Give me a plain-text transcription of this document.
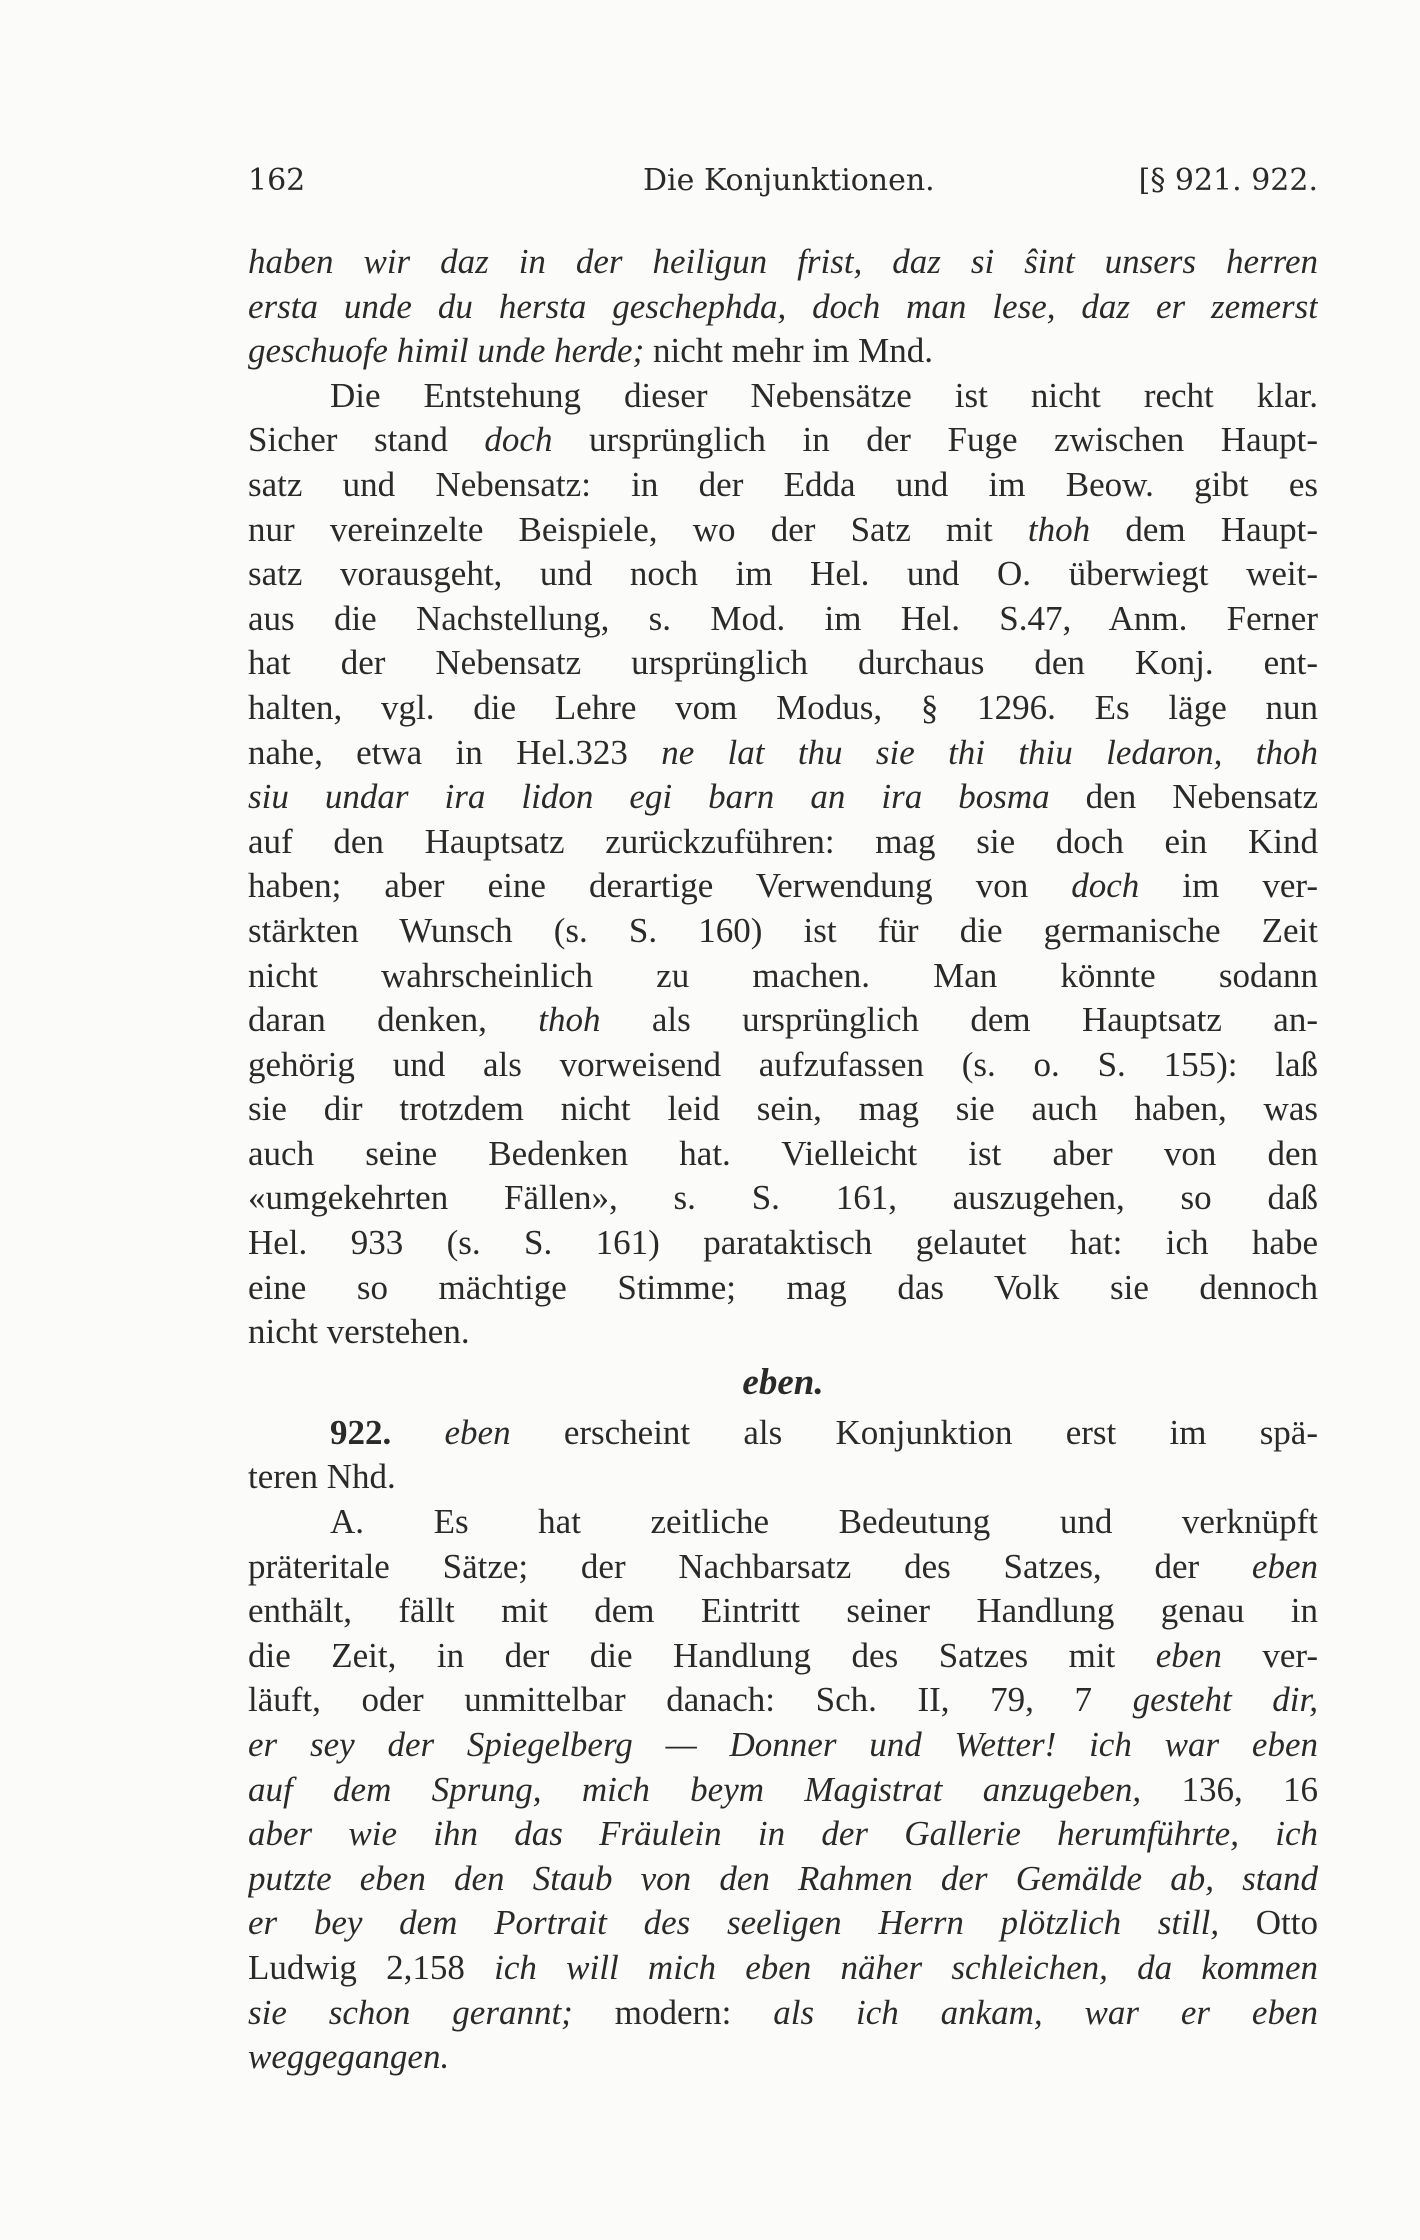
162	Die Konjunktionen.	[§ 921. 922.
haben wir daz in der heiligun frist, daz si ŝint unsers herren
ersta unde du hersta geschephda, doch man lese, daz er zemerst
geschuofe himil unde herde; nicht mehr im Mnd.
Die Entstehung dieser Nebensätze ist nicht recht klar.
Sicher stand doch ursprünglich in der Fuge zwischen Haupt-
satz und Nebensatz: in der Edda und im Beow. gibt es
nur vereinzelte Beispiele, wo der Satz mit thoh dem Haupt-
satz vorausgeht, und noch im Hel. und O. überwiegt weit-
aus die Nachstellung, s. Mod. im Hel. S.47, Anm. Ferner
hat der Nebensatz ursprünglich durchaus den Konj. ent-
halten, vgl. die Lehre vom Modus, § 1296. Es läge nun
nahe, etwa in Hel.323 ne lat thu sie thi thiu ledaron, thoh
siu undar ira lidon egi barn an ira bosma den Nebensatz
auf den Hauptsatz zurückzuführen: mag sie doch ein Kind
haben; aber eine derartige Verwendung von doch im ver-
stärkten Wunsch (s. S. 160) ist für die germanische Zeit
nicht wahrscheinlich zu machen. Man könnte sodann
daran denken, thoh als ursprünglich dem Hauptsatz an-
gehörig und als vorweisend aufzufassen (s. o. S. 155): laß
sie dir trotzdem nicht leid sein, mag sie auch haben, was
auch seine Bedenken hat. Vielleicht ist aber von den
«umgekehrten Fällen», s. S. 161, auszugehen, so daß
Hel. 933 (s. S. 161) parataktisch gelautet hat: ich habe
eine so mächtige Stimme; mag das Volk sie dennoch
nicht verstehen.
eben.
922. eben erscheint als Konjunktion erst im spä-
teren Nhd.
A. Es hat zeitliche Bedeutung und verknüpft
präteritale Sätze; der Nachbarsatz des Satzes, der eben
enthält, fällt mit dem Eintritt seiner Handlung genau in
die Zeit, in der die Handlung des Satzes mit eben ver-
läuft, oder unmittelbar danach: Sch. II, 79, 7 gesteht dir,
er sey der Spiegelberg — Donner und Wetter! ich war eben
auf dem Sprung, mich beym Magistrat anzugeben, 136, 16
aber wie ihn das Fräulein in der Gallerie herumführte, ich
putzte eben den Staub von den Rahmen der Gemälde ab, stand
er bey dem Portrait des seeligen Herrn plötzlich still, Otto
Ludwig 2,158 ich will mich eben näher schleichen, da kommen
sie schon gerannt; modern: als ich ankam, war er eben
weggegangen.
